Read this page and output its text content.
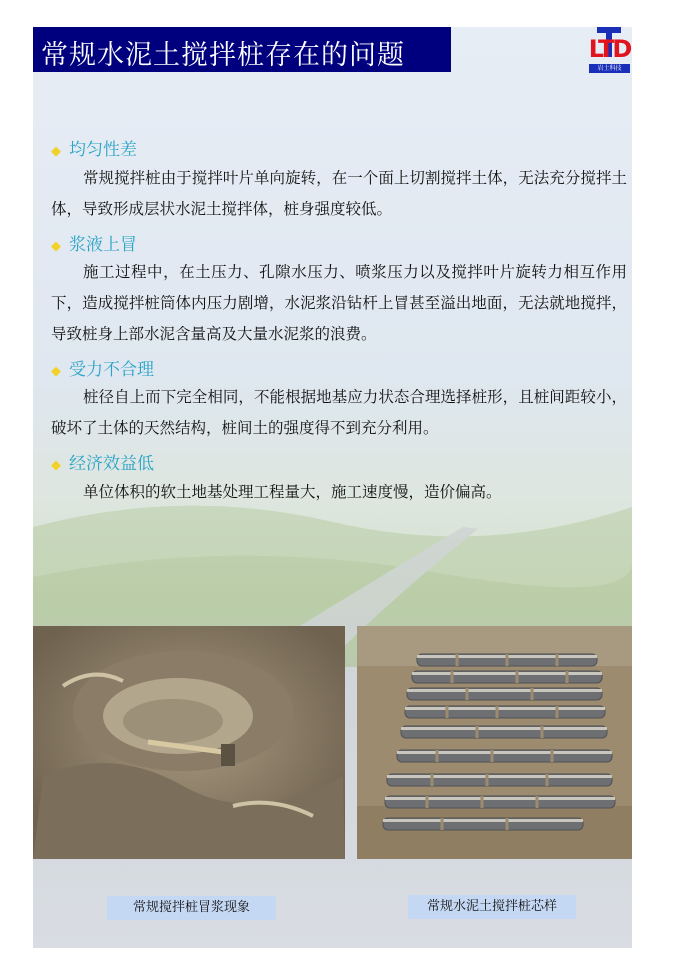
常规水泥土搅拌桩存在的问题	LTD
岩土科技
◆ 均匀性差
常规搅拌桩由于搅拌叶片单向旋转，在一个面上切割搅拌土体，无法充分搅拌土体，导致形成层状水泥土搅拌体，桩身强度较低。
◆ 浆液上冒
施工过程中，在土压力、孔隙水压力、喷浆压力以及搅拌叶片旋转力相互作用下，造成搅拌桩筒体内压力剧增，水泥浆沿钻杆上冒甚至溢出地面，无法就地搅拌，导致桩身上部水泥含量高及大量水泥浆的浪费。
◆ 受力不合理
桩径自上而下完全相同，不能根据地基应力状态合理选择桩形，且桩间距较小，破坏了土体的天然结构，桩间土的强度得不到充分利用。
◆ 经济效益低
单位体积的软土地基处理工程量大，施工速度慢，造价偏高。
常规搅拌桩冒浆现象	常规水泥土搅拌桩芯样
